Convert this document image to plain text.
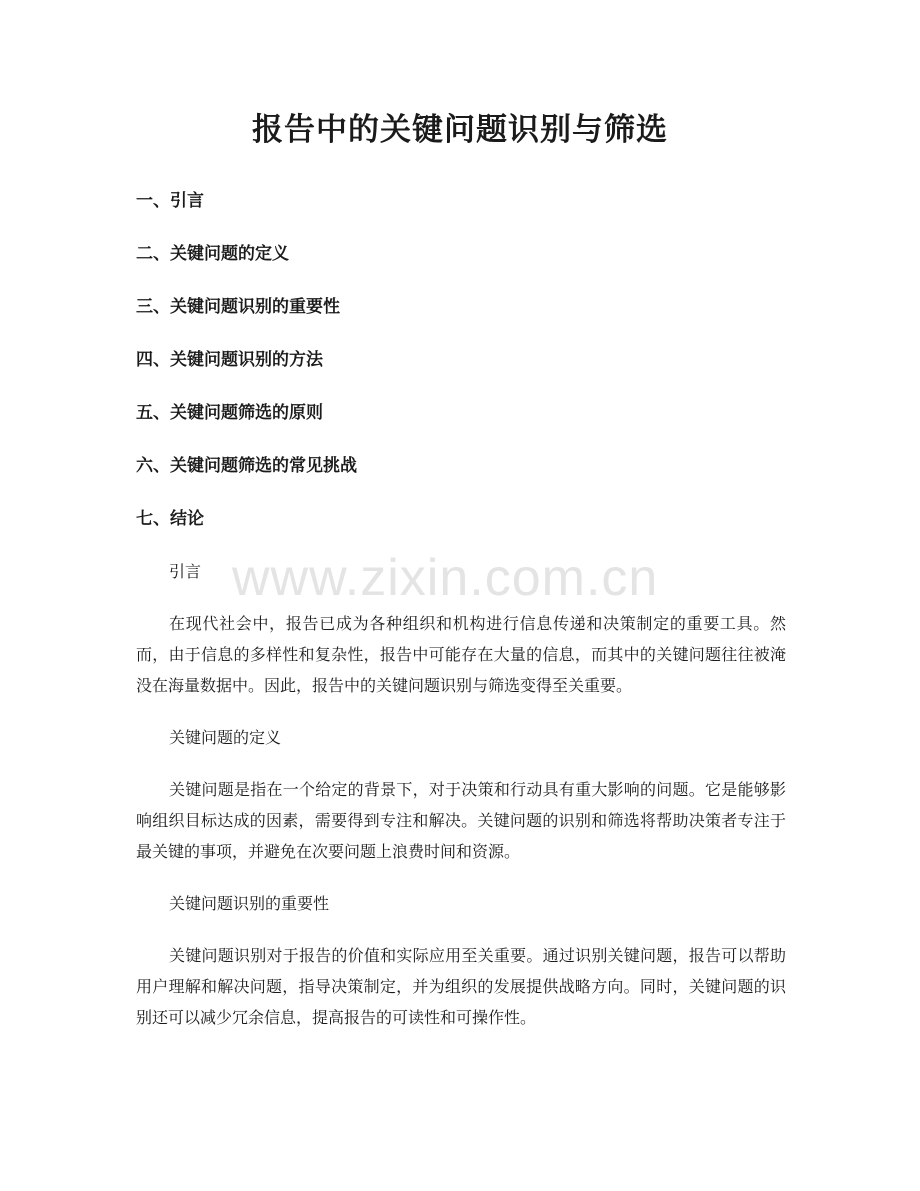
www.zixin.com.cn
报告中的关键问题识别与筛选
一、引言
二、关键问题的定义
三、关键问题识别的重要性
四、关键问题识别的方法
五、关键问题筛选的原则
六、关键问题筛选的常见挑战
七、结论

引言

在现代社会中，报告已成为各种组织和机构进行信息传递和决策制定的重要工具。然而，由于信息的多样性和复杂性，报告中可能存在大量的信息，而其中的关键问题往往被淹没在海量数据中。因此，报告中的关键问题识别与筛选变得至关重要。

关键问题的定义

关键问题是指在一个给定的背景下，对于决策和行动具有重大影响的问题。它是能够影响组织目标达成的因素，需要得到专注和解决。关键问题的识别和筛选将帮助决策者专注于最关键的事项，并避免在次要问题上浪费时间和资源。

关键问题识别的重要性

关键问题识别对于报告的价值和实际应用至关重要。通过识别关键问题，报告可以帮助用户理解和解决问题，指导决策制定，并为组织的发展提供战略方向。同时，关键问题的识别还可以减少冗余信息，提高报告的可读性和可操作性。
